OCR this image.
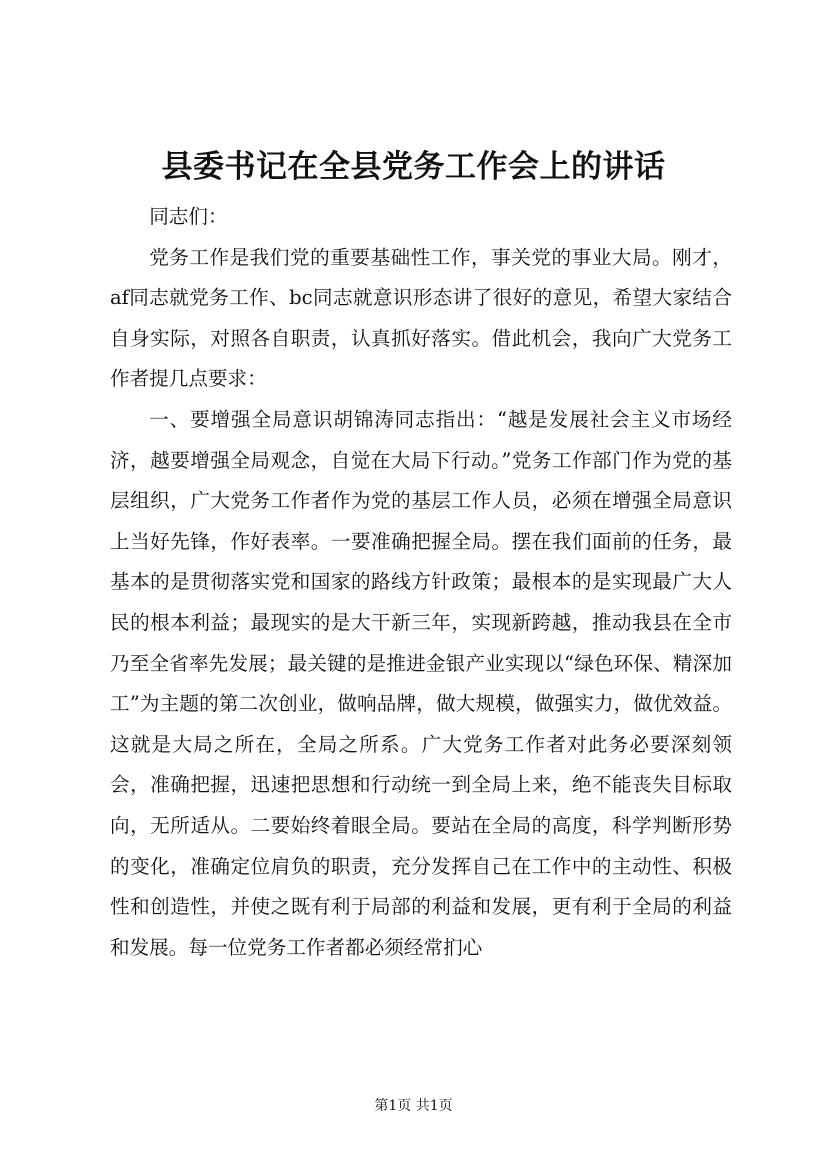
县委书记在全县党务工作会上的讲话

同志们：

党务工作是我们党的重要基础性工作，事关党的事业大局。刚才，af同志就党务工作、bc同志就意识形态讲了很好的意见，希望大家结合自身实际，对照各自职责，认真抓好落实。借此机会，我向广大党务工作者提几点要求：

一、要增强全局意识胡锦涛同志指出：“越是发展社会主义市场经济，越要增强全局观念，自觉在大局下行动。”党务工作部门作为党的基层组织，广大党务工作者作为党的基层工作人员，必须在增强全局意识上当好先锋，作好表率。一要准确把握全局。摆在我们面前的任务，最基本的是贯彻落实党和国家的路线方针政策；最根本的是实现最广大人民的根本利益；最现实的是大干新三年，实现新跨越，推动我县在全市乃至全省率先发展；最关键的是推进金银产业实现以“绿色环保、精深加工”为主题的第二次创业，做响品牌，做大规模，做强实力，做优效益。这就是大局之所在，全局之所系。广大党务工作者对此务必要深刻领会，准确把握，迅速把思想和行动统一到全局上来，绝不能丧失目标取向，无所适从。二要始终着眼全局。要站在全局的高度，科学判断形势的变化，准确定位肩负的职责，充分发挥自己在工作中的主动性、积极性和创造性，并使之既有利于局部的利益和发展，更有利于全局的利益和发展。每一位党务工作者都必须经常扪心

第1页 共1页
